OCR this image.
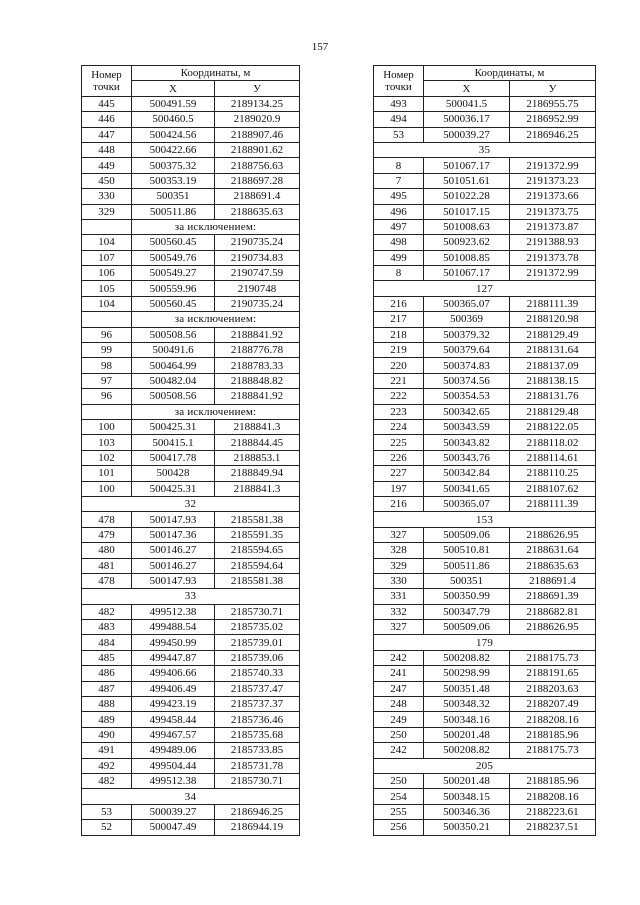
157
Номер
точки	Координаты, м	
	X	У
445	500491.59	2189134.25
446	500460.5	2189020.9
447	500424.56	2188907.46
448	500422.66	2188901.62
449	500375.32	2188756.63
450	500353.19	2188697.28
330	500351	2188691.4
329	500511.86	2188635.63
	за исключением:	
104	500560.45	2190735.24
107	500549.76	2190734.83
106	500549.27	2190747.59
105	500559.96	2190748
104	500560.45	2190735.24
	за исключением:	
96	500508.56	2188841.92
99	500491.6	2188776.78
98	500464.99	2188783.33
97	500482.04	2188848.82
96	500508.56	2188841.92
	за исключением:	
100	500425.31	2188841.3
103	500415.1	2188844.45
102	500417.78	2188853.1
101	500428	2188849.94
100	500425.31	2188841.3
32		
478	500147.93	2185581.38
479	500147.36	2185591.35
480	500146.27	2185594.65
481	500146.27	2185594.64
478	500147.93	2185581.38
33		
482	499512.38	2185730.71
483	499488.54	2185735.02
484	499450.99	2185739.01
485	499447.87	2185739.06
486	499406.66	2185740.33
487	499406.49	2185737.47
488	499423.19	2185737.37
489	499458.44	2185736.46
490	499467.57	2185735.68
491	499489.06	2185733.85
492	499504.44	2185731.78
482	499512.38	2185730.71
34		
53	500039.27	2186946.25
52	500047.49	2186944.19
Номер
точки	Координаты, м	
	X	У
493	500041.5	2186955.75
494	500036.17	2186952.99
53	500039.27	2186946.25
35		
8	501067.17	2191372.99
7	501051.61	2191373.23
495	501022.28	2191373.66
496	501017.15	2191373.75
497	501008.63	2191373.87
498	500923.62	2191388.93
499	501008.85	2191373.78
8	501067.17	2191372.99
127		
216	500365.07	2188111.39
217	500369	2188120.98
218	500379.32	2188129.49
219	500379.64	2188131.64
220	500374.83	2188137.09
221	500374.56	2188138.15
222	500354.53	2188131.76
223	500342.65	2188129.48
224	500343.59	2188122.05
225	500343.82	2188118.02
226	500343.76	2188114.61
227	500342.84	2188110.25
197	500341.65	2188107.62
216	500365.07	2188111.39
153		
327	500509.06	2188626.95
328	500510.81	2188631.64
329	500511.86	2188635.63
330	500351	2188691.4
331	500350.99	2188691.39
332	500347.79	2188682.81
327	500509.06	2188626.95
179		
242	500208.82	2188175.73
241	500298.99	2188191.65
247	500351.48	2188203.63
248	500348.32	2188207.49
249	500348.16	2188208.16
250	500201.48	2188185.96
242	500208.82	2188175.73
205		
250	500201.48	2188185.96
254	500348.15	2188208.16
255	500346.36	2188223.61
256	500350.21	2188237.51
